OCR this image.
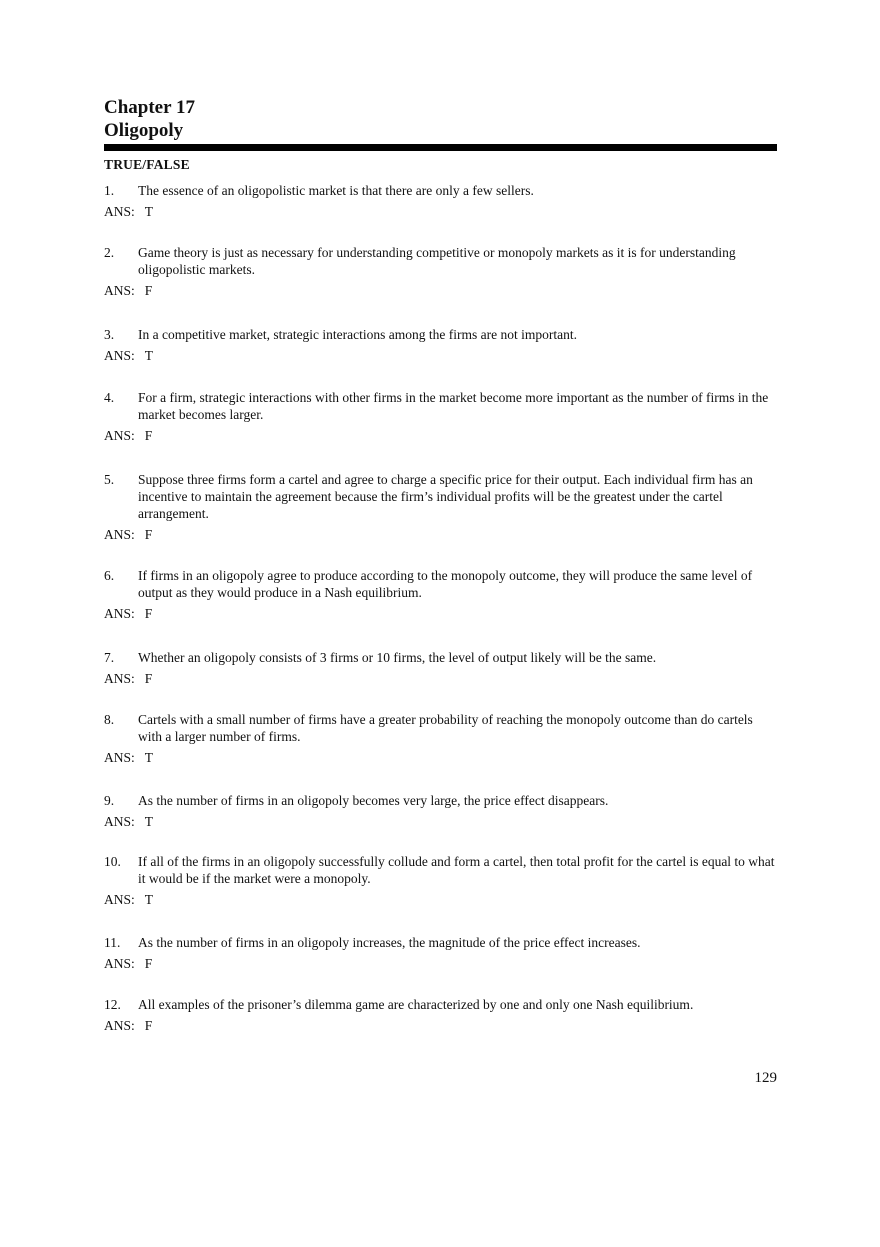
Chapter 17
Oligopoly
TRUE/FALSE
1.	The essence of an oligopolistic market is that there are only a few sellers.
ANS: T
2.	Game theory is just as necessary for understanding competitive or monopoly markets as it is for understanding oligopolistic markets.
ANS: F
3.	In a competitive market, strategic interactions among the firms are not important.
ANS: T
4.	For a firm, strategic interactions with other firms in the market become more important as the number of firms in the market becomes larger.
ANS: F
5.	Suppose three firms form a cartel and agree to charge a specific price for their output. Each individual firm has an incentive to maintain the agreement because the firm’s individual profits will be the greatest under the cartel arrangement.
ANS: F
6.	If firms in an oligopoly agree to produce according to the monopoly outcome, they will produce the same level of output as they would produce in a Nash equilibrium.
ANS: F
7.	Whether an oligopoly consists of 3 firms or 10 firms, the level of output likely will be the same.
ANS: F
8.	Cartels with a small number of firms have a greater probability of reaching the monopoly outcome than do cartels with a larger number of firms.
ANS: T
9.	As the number of firms in an oligopoly becomes very large, the price effect disappears.
ANS: T
10.	If all of the firms in an oligopoly successfully collude and form a cartel, then total profit for the cartel is equal to what it would be if the market were a monopoly.
ANS: T
11.	As the number of firms in an oligopoly increases, the magnitude of the price effect increases.
ANS: F
12.	All examples of the prisoner’s dilemma game are characterized by one and only one Nash equilibrium.
ANS: F
129
